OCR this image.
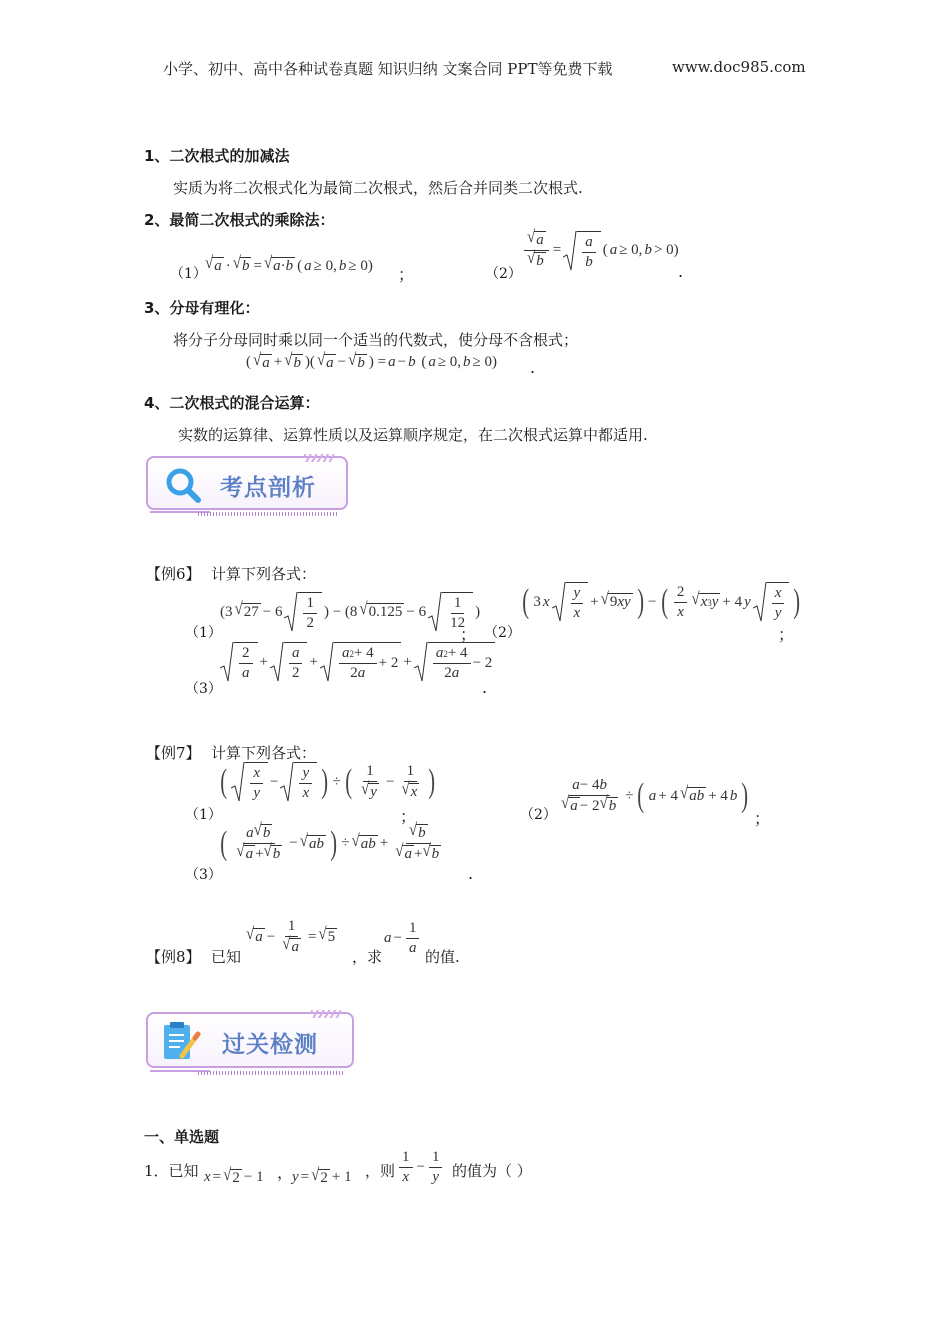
小学、初中、高中各种试卷真题 知识归纳 文案合同 PPT等免费下载	www.doc985.com
1、二次根式的加减法
实质为将二次根式化为最简二次根式，然后合并同类二次根式.
2、最简二次根式的乘除法：
（1）
√ a · √ b = √ a · b ( a ≥ 0, b ≥ 0) ；	（2）
$\frac{√ a}{√ b} = \frac{a}{b}$ ( a ≥ 0, b > 0)
.
3、分母有理化：
将分子分母同时乘以同一个适当的代数式，使分母不含根式；
( √ a + √ b )( √ a − √ b ) = a − b ( a ≥ 0, b ≥ 0) .
4、二次根式的混合运算：
实数的运算律、运算性质以及运算顺序规定，在二次根式运算中都适用.
考点剖析
【例6】 计算下列各式：
（1）
(3 √ $27 - 6 \frac{1}{2}$ ) − (8 √ $0.125 - 6 \frac{1}{12}$ )
； （2）
( 3 x $\frac{y}{x}$ + √ 9 xy ) − ( $\frac{2}{x}$ √ x 3 y + 4 y $\frac{x}{y}$ )
；
（3）
$\frac{2}{a} + \frac{a}{2} + \frac{a 2 + 4}{2 a} + 2 + \frac{a 2 + 4}{2 a} - 2$
.
【例7】 计算下列各式：
（1）
( $\frac{x}{y} - \frac{y}{x}$ ) ÷ ( $\frac{1}{√ y} - \frac{1}{√ x}$ )
；	$(2) \frac{a - 4 b}{√ a - 2 √ b}$ ÷ ( a + 4 √ ab + 4 b )
；
（3）
( $\frac{a √ b}{√ a + √ b}$ − √ ab ) ÷ √ ab + $\frac{√ b}{√ a + √ b}$
.
【例8】 已知
√ $a - \frac{1}{√ a}$ = √ 5
，求
$a - \frac{1}{a}$ 的值.
过关检测
一、单选题
1．已知 x = √ 2 − 1 ，
y = √ 2 + 1 ，则 $\frac{1}{x} - \frac{1}{y}$ 的值为（ ）
